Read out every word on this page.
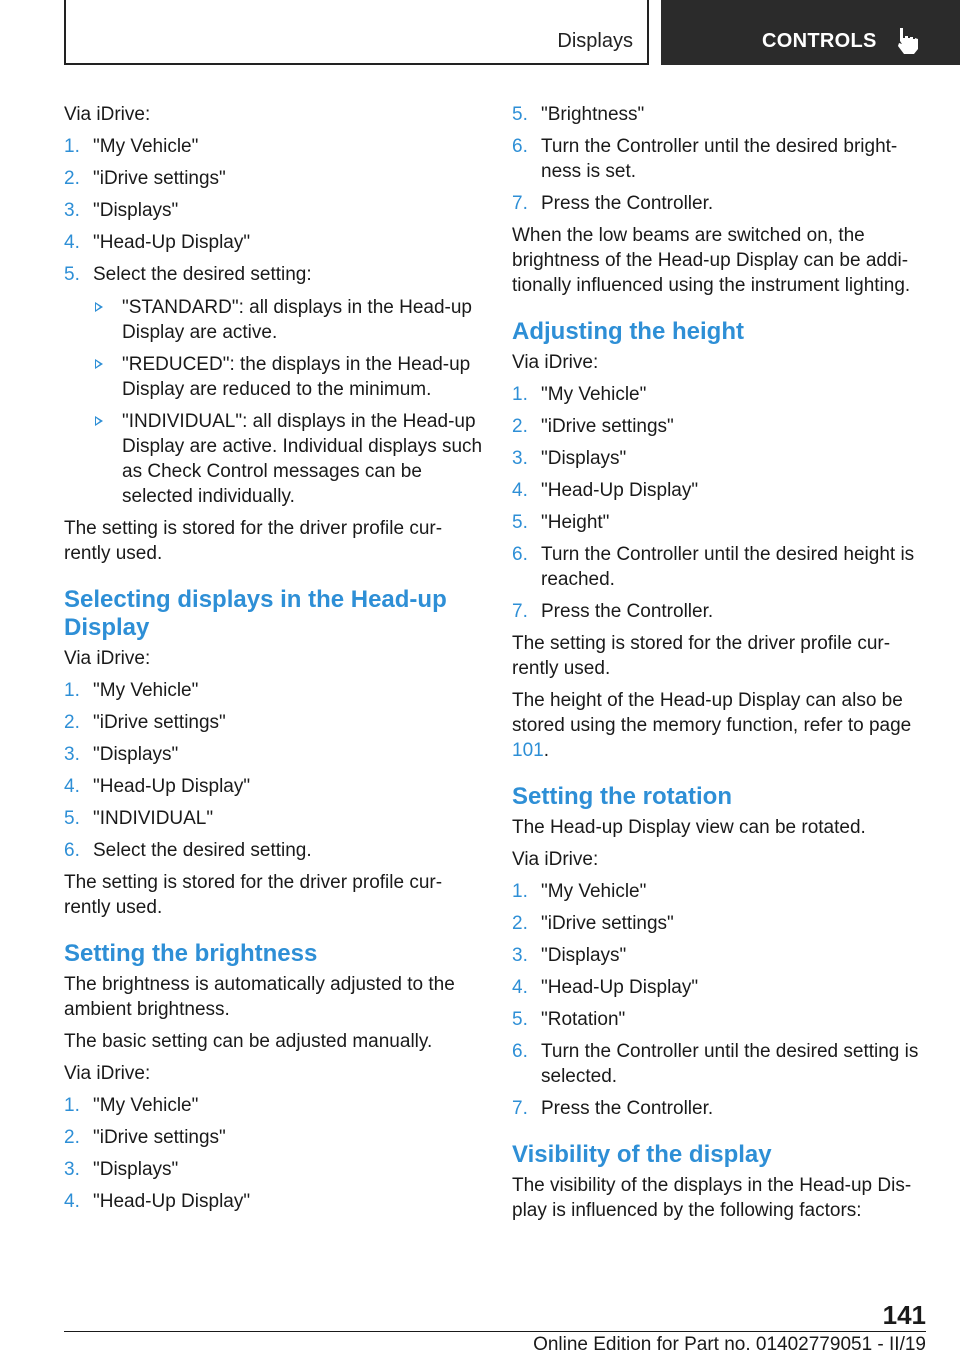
Displays	CONTROLS

Via iDrive:

1. "My Vehicle"
2. "iDrive settings"
3. "Displays"
4. "Head-Up Display"
5. Select the desired setting:
"STANDARD": all displays in the Head-up Display are active.
"REDUCED": the displays in the Head-up Display are reduced to the minimum.
"INDIVIDUAL": all displays in the Head-up Display are active. Individual displays such as Check Control messages can be selected individually.

The setting is stored for the driver profile cur‐rently used.

Selecting displays in the Head-up Display

Via iDrive:

1. "My Vehicle"
2. "iDrive settings"
3. "Displays"
4. "Head-Up Display"
5. "INDIVIDUAL"
6. Select the desired setting.

The setting is stored for the driver profile cur‐rently used.

Setting the brightness

The brightness is automatically adjusted to the ambient brightness.

The basic setting can be adjusted manually.

Via iDrive:

1. "My Vehicle"
2. "iDrive settings"
3. "Displays"
4. "Head-Up Display"
5. "Brightness"
6. Turn the Controller until the desired bright‐ness is set.
7. Press the Controller.

When the low beams are switched on, the brightness of the Head-up Display can be addi‐tionally influenced using the instrument lighting.

Adjusting the height

Via iDrive:

1. "My Vehicle"
2. "iDrive settings"
3. "Displays"
4. "Head-Up Display"
5. "Height"
6. Turn the Controller until the desired height is reached.
7. Press the Controller.

The setting is stored for the driver profile cur‐rently used.

The height of the Head-up Display can also be stored using the memory function, refer to page 101.

Setting the rotation

The Head-up Display view can be rotated.

Via iDrive:

1. "My Vehicle"
2. "iDrive settings"
3. "Displays"
4. "Head-Up Display"
5. "Rotation"
6. Turn the Controller until the desired setting is selected.
7. Press the Controller.
Visibility of the display

The visibility of the displays in the Head-up Dis‐play is influenced by the following factors:

141
Online Edition for Part no. 01402779051 - II/19
